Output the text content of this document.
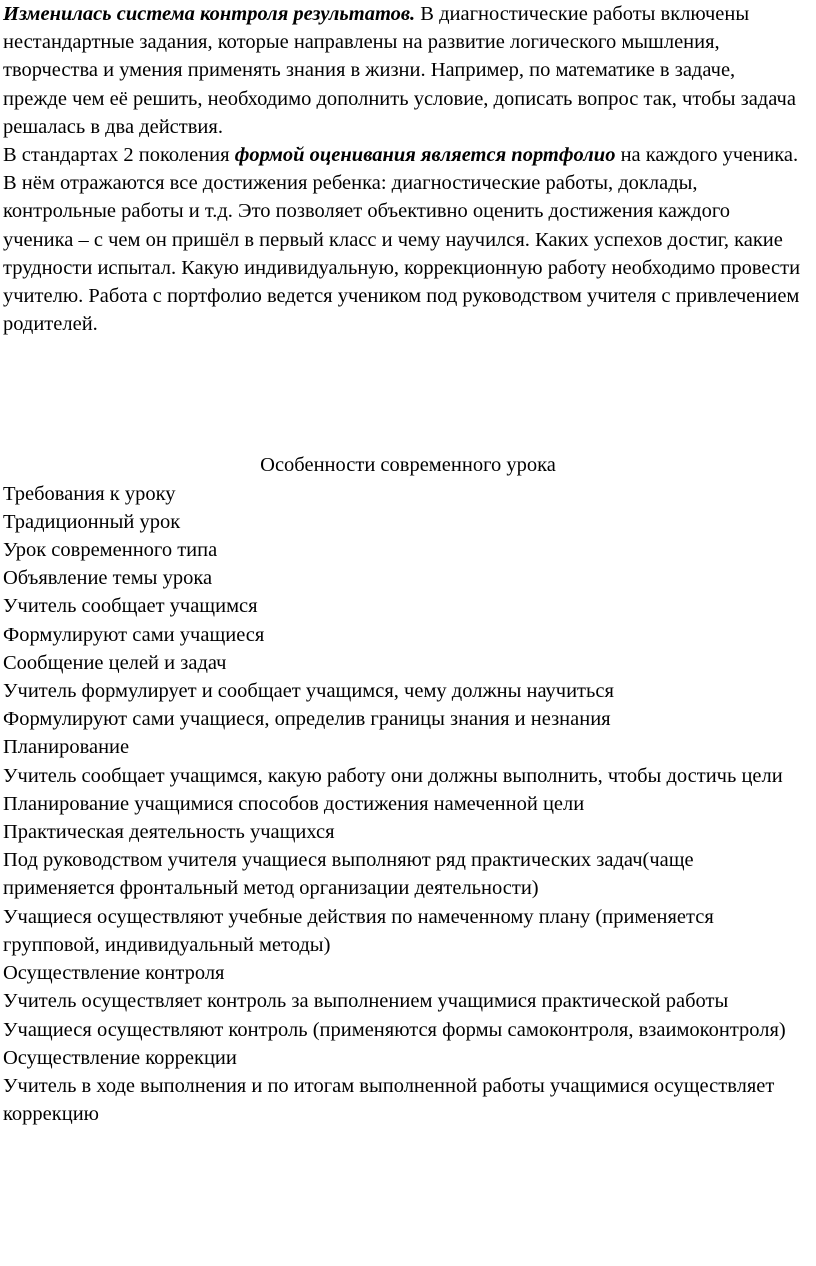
Изменилась система контроля результатов. В диагностические работы включены нестандартные задания, которые направлены на развитие логического мышления, творчества и умения применять знания в жизни. Например, по математике в задаче, прежде чем её решить, необходимо дополнить условие, дописать вопрос так, чтобы задача решалась в два действия.

В стандартах 2 поколения формой оценивания является портфолио на каждого ученика. В нём отражаются все достижения ребенка: диагностические работы, доклады, контрольные работы и т.д. Это позволяет объективно оценить достижения каждого ученика – с чем он пришёл в первый класс и чему научился. Каких успехов достиг, какие трудности испытал. Какую индивидуальную, коррекционную работу необходимо провести учителю. Работа с портфолио ведется учеником под руководством учителя с привлечением родителей.

Особенности современного урока

Требования к уроку

Традиционный урок

Урок современного типа

Объявление темы урока

Учитель сообщает учащимся

Формулируют сами учащиеся

Сообщение целей и задач

Учитель формулирует и сообщает учащимся, чему должны научиться

Формулируют сами учащиеся, определив границы знания и незнания

Планирование

Учитель сообщает учащимся, какую работу они должны выполнить, чтобы достичь цели

Планирование учащимися способов достижения намеченной цели

Практическая деятельность учащихся

Под руководством учителя учащиеся выполняют ряд практических задач(чаще применяется фронтальный метод организации деятельности)

Учащиеся осуществляют учебные действия по намеченному плану (применяется групповой, индивидуальный методы)

Осуществление контроля

Учитель осуществляет контроль за выполнением учащимися практической работы

Учащиеся осуществляют контроль (применяются формы самоконтроля, взаимоконтроля)

Осуществление коррекции

Учитель в ходе выполнения и по итогам выполненной работы учащимися осуществляет коррекцию
